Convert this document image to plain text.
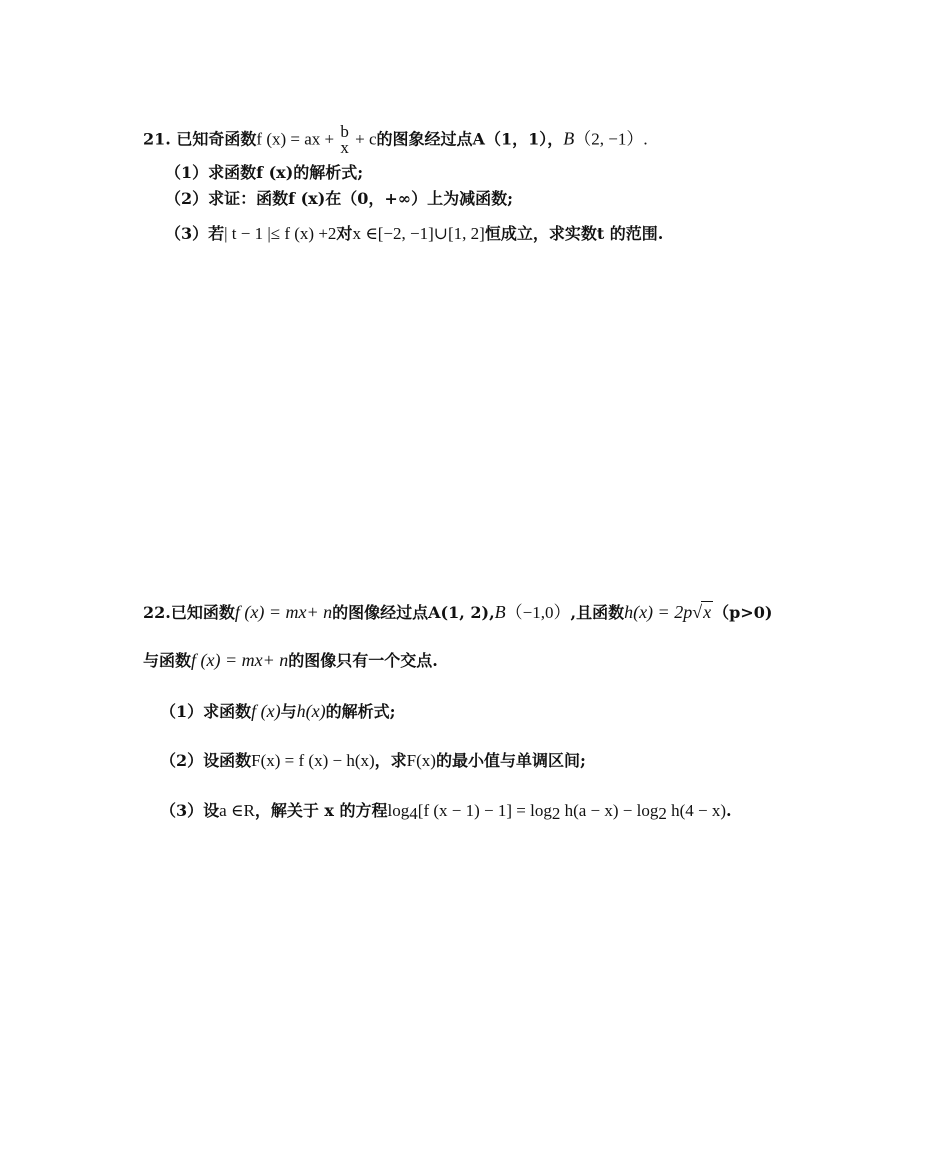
21. 已知奇函数f (x) = ax + b
x + c的图象经过点A（1，1），B（2, −1）.
（1）求函数f (x)的解析式;
（2）求证：函数f (x)在（0，+∞）上为减函数;
（3）若| t − 1 |≤ f (x) +2对x ∈[−2, −1]∪[1, 2]恒成立，求实数t 的范围.
22.已知函数f (x) = mx+ n的图像经过点A(1, 2),B（−1,0）,且函数h(x) = 2p√x （p>0)
与函数f (x) = mx+ n的图像只有一个交点.
（1）求函数f (x)与h(x)的解析式;
（2）设函数F(x) = f (x) − h(x)，求F(x)的最小值与单调区间;
（3）设a ∈R，解关于 x 的方程$\log_4[f$ $(x - 1) - 1] = \log_2 h(a - x) - \log_2 h(4 - x)$.
